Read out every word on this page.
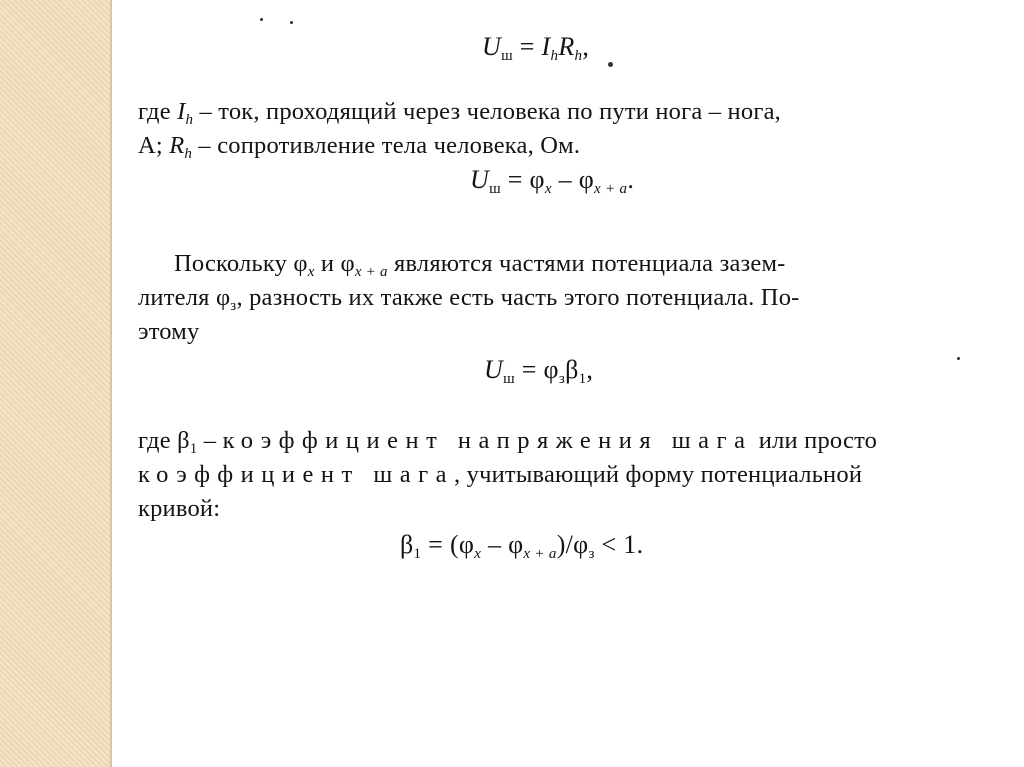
$U_ш = I_hR_h$,
где $I_h$ – ток, проходящий через человека по пути нога – нога,
А; $R_h$ – сопротивление тела человека, Ом.
$U_ш = \varphi_x - \varphi_{x + a}$.
Поскольку $\varphi_x$ и $\varphi_{x + a}$ являются частями потенциала зазем-
лителя $\varphi_з$, разность их также есть часть этого потенциала. По-
этому
$U_ш = \varphi_з\beta_1$,
где $\beta_1$ – коэффициент напряжения шага или просто
коэффициент шага, учитывающий форму потенциальной
кривой:
$\beta_1 = (\varphi_x - \varphi_{x + a})/\varphi_з < 1$.
